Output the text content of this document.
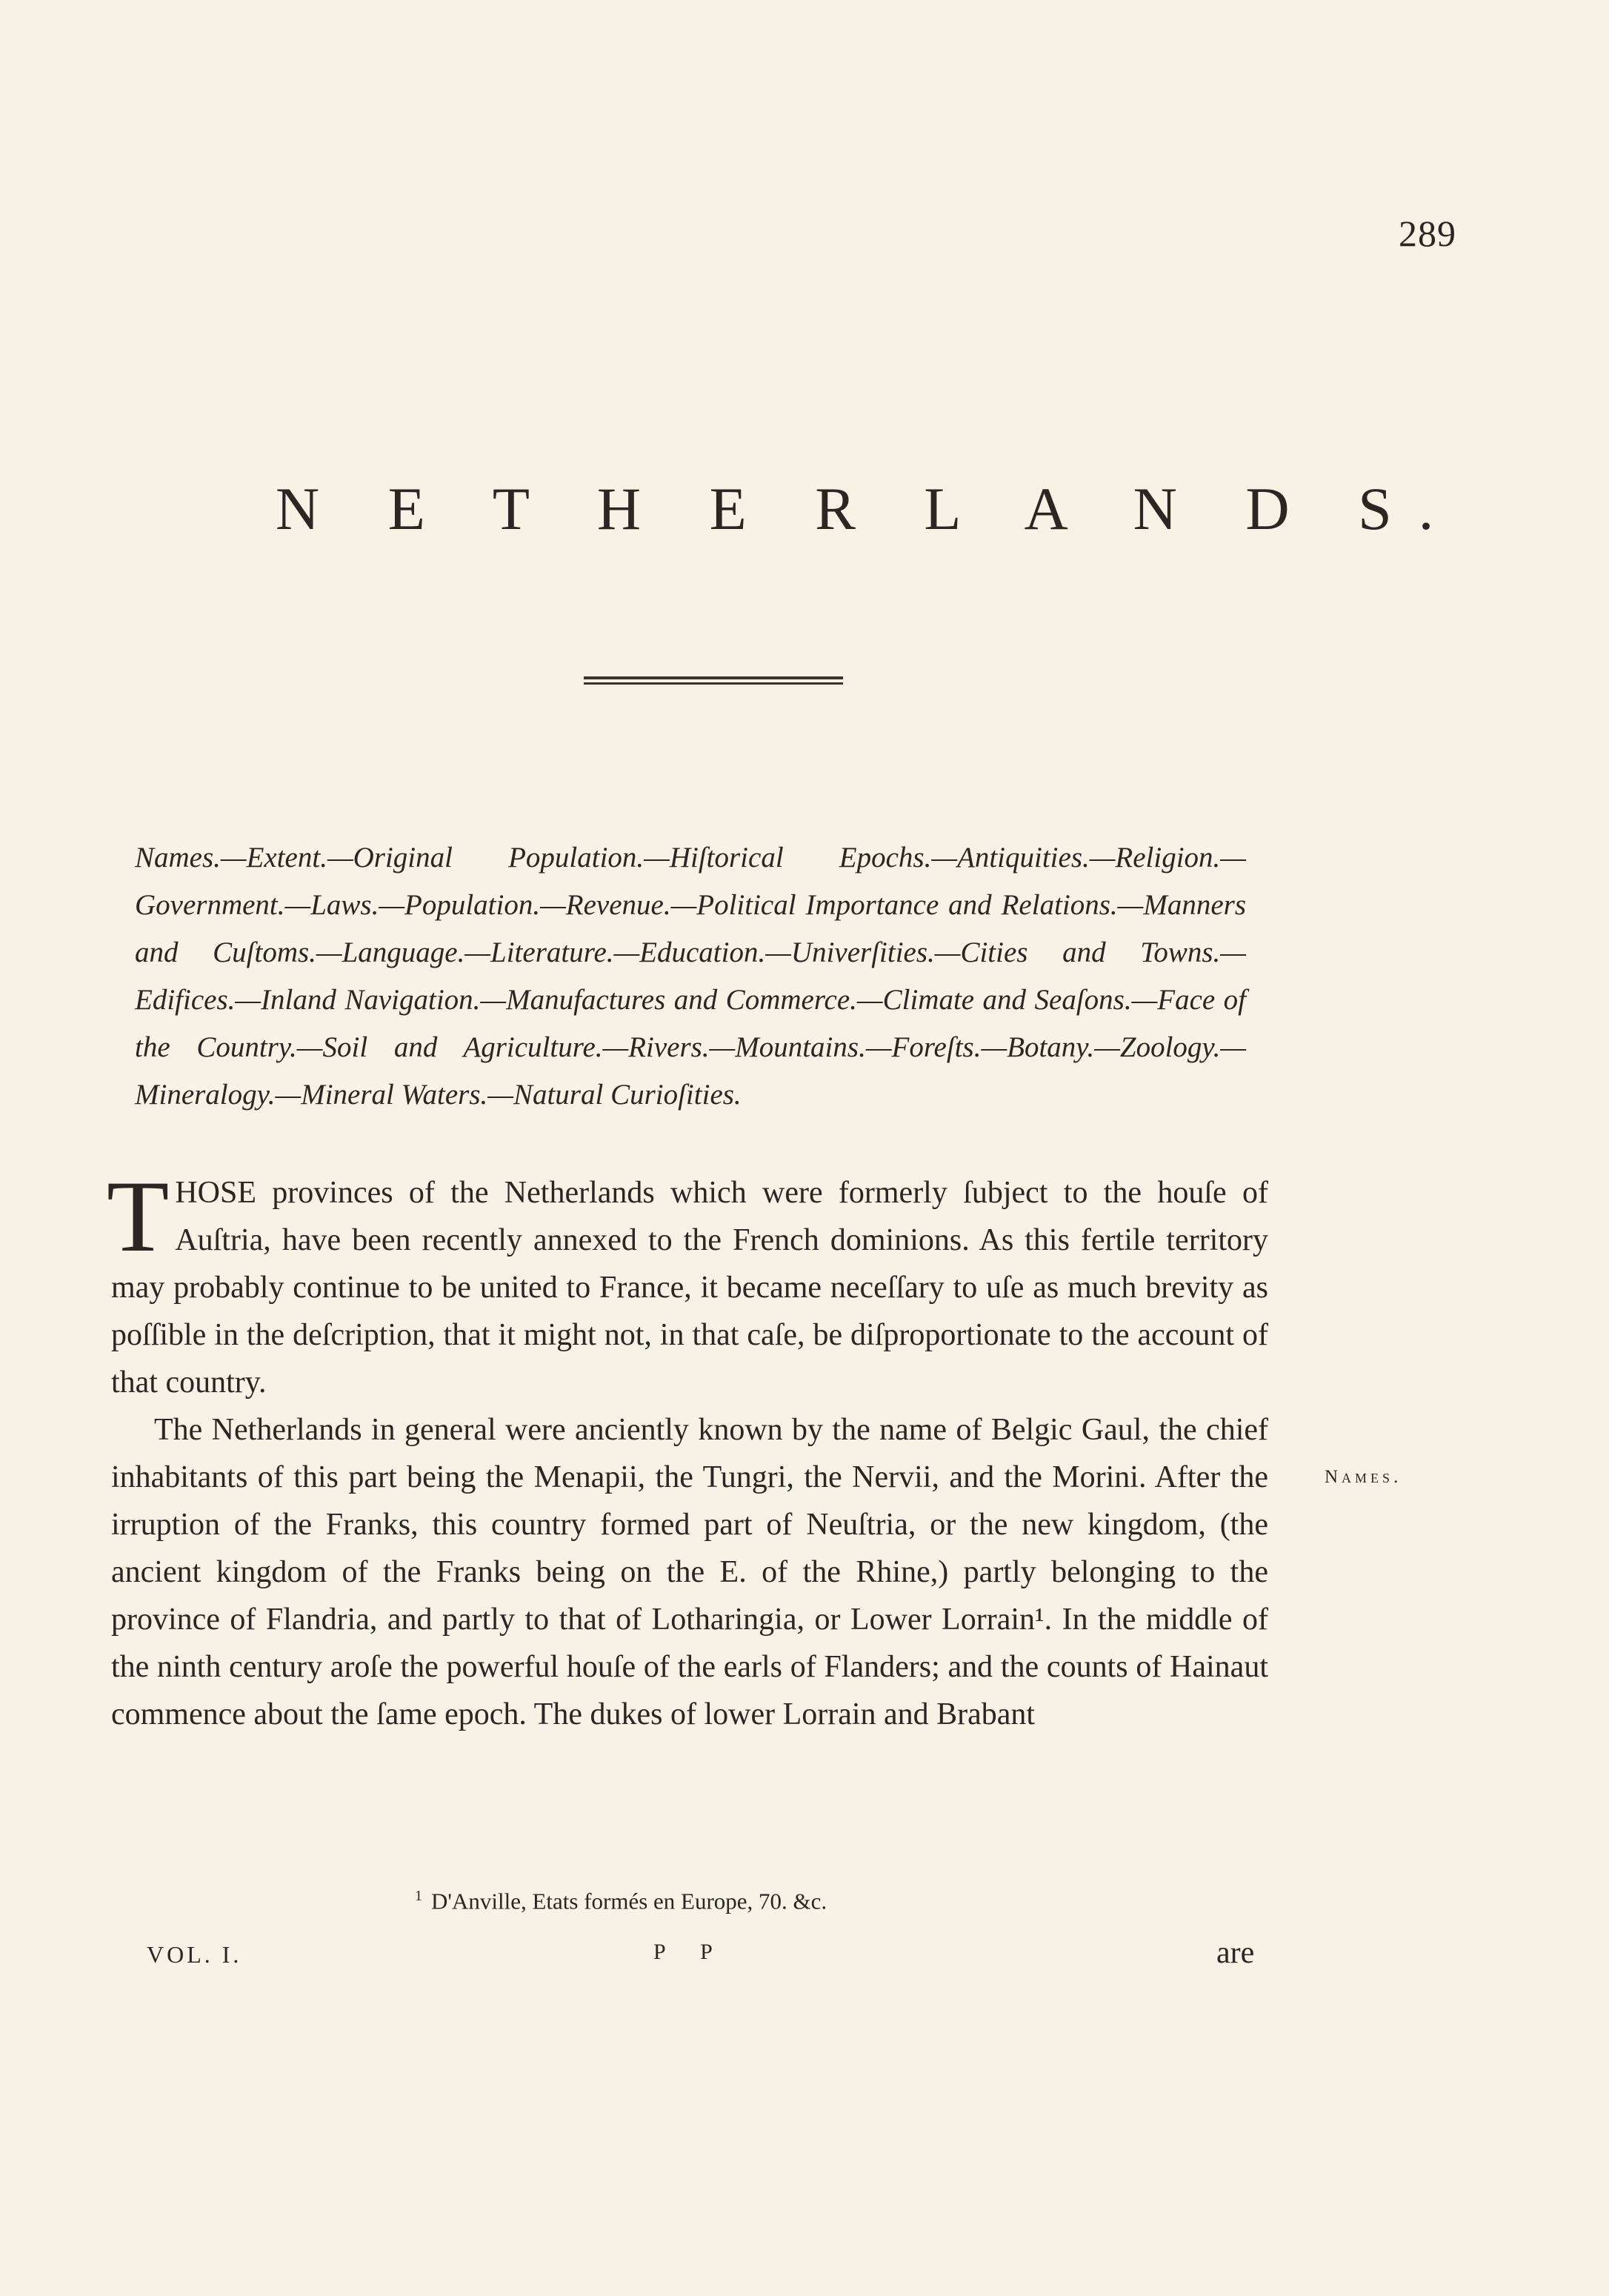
289
N E T H E R L A N D S.
Names.—Extent.—Original Population.—Hiſtorical Epochs.—Antiquities.—Religion.—Government.—Laws.—Population.—Revenue.—Political Importance and Relations.—Manners and Cuſtoms.—Language.—Literature.—Education.—Univerſities.—Cities and Towns.—Edifices.—Inland Navigation.—Manufactures and Commerce.—Climate and Seaſons.—Face of the Country.—Soil and Agriculture.—Rivers.—Mountains.—Foreſts.—Botany.—Zoology.—Mineralogy.—Mineral Waters.—Natural Curioſities.

THOSE provinces of the Netherlands which were formerly ſubject to the houſe of Auſtria, have been recently annexed to the French dominions. As this fertile territory may probably continue to be united to France, it became neceſſary to uſe as much brevity as poſſible in the deſcription, that it might not, in that caſe, be diſproportionate to the account of that country.

The Netherlands in general were anciently known by the name of Belgic Gaul, the chief inhabitants of this part being the Menapii, the Tungri, the Nervii, and the Morini. After the irruption of the Franks, this country formed part of Neuſtria, or the new kingdom, (the ancient kingdom of the Franks being on the E. of the Rhine,) partly belonging to the province of Flandria, and partly to that of Lotharingia, or Lower Lorrain¹. In the middle of the ninth century aroſe the powerful houſe of the earls of Flanders; and the counts of Hainaut commence about the ſame epoch. The dukes of lower Lorrain and Brabant

Names.
$^1$ D'Anville, Etats formés en Europe, 70. &c.
VOL. I.	P P	are
